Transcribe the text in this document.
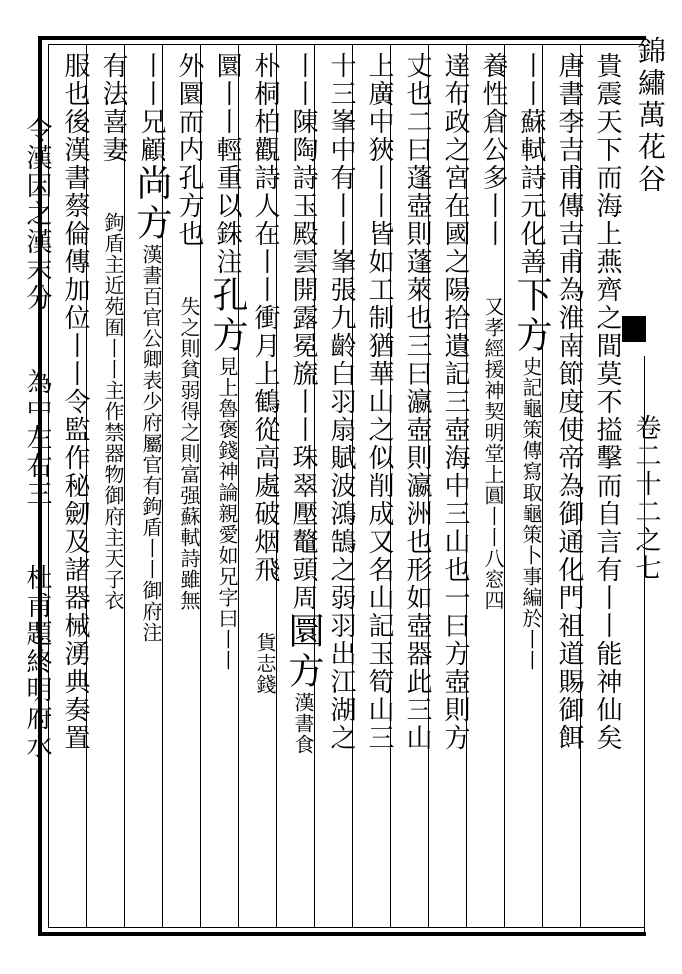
錦繡萬花谷
卷二十二之七
貴震天下而海上燕齊之間莫不搤擊而自言有丨丨能神仙矣
唐書李吉甫傳吉甫為淮南節度使帝為御通化門祖道賜御餌
丨丨蘇軾詩元化善下方史記龜策傳寫取龜策卜事編於丨丨
養性倉公多丨丨又孝經援神契明堂上圓丨丨八窓四
達布政之宮在國之陽拾遺記三壺海中三山也一曰方壺則方
丈也二曰蓬壺則蓬萊也三曰瀛壺則瀛洲也形如壺器此三山
上廣中狹丨丨皆如工制猶華山之似削成又名山記玉筍山三
十三峯中有丨丨峯張九齡白羽扇賦波鴻鵠之弱羽出江湖之
丨丨陳陶詩玉殿雲開露冕旒丨丨珠翠壓鼇頭周圜方漢書食
朴桐柏觀詩人在丨丨衝月上鶴從高處破烟飛貨志錢
圜丨丨輕重以銖注孔方見上魯褒錢神論親愛如兄字曰丨丨
外圜而内孔方也失之則貧弱得之則富强蘇軾詩雖無
丨丨兄顧尚方漢書百官公卿表少府屬官有鉤盾丨丨御府注
有法喜妻鉤盾主近苑囿丨丨主作禁器物御府主天子衣
服也後漢書蔡倫傳加位丨丨令監作秘劒及諸器械湧典奏置
丨丨令漢因之漢末分丨丨為中左右三丨丨杜甫題終明府水
